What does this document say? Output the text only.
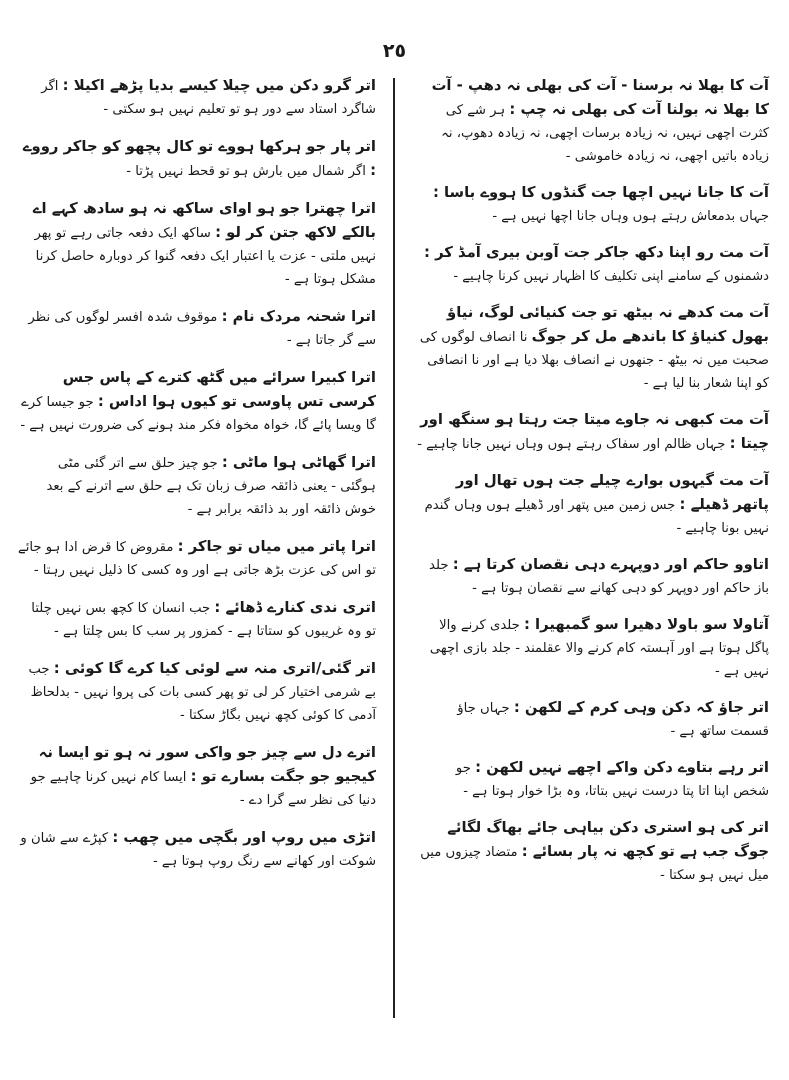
٢٥

آت کا بھلا نہ برسنا - آت کی بھلی نہ دھپ - آت کا بھلا نہ بولنا آت کی بھلی نہ چپ : ہر شے کی کثرت اچھی نہیں، نہ زیادہ برسات اچھی، نہ زیادہ دھوپ، نہ زیادہ باتیں اچھی، نہ زیادہ خاموشی -

آت کا جانا نہیں اچھا جت گنڈوں کا ہووے باسا : جہاں بدمعاش رہتے ہوں وہاں جانا اچھا نہیں ہے -

آت مت رو اپنا دکھ جاکر جت آوبن بیری آمڈ کر : دشمنوں کے سامنے اپنی تکلیف کا اظہار نہیں کرنا چاہیے -

آت مت کدھے نہ بیٹھ تو جت کنیائی لوگ، نیاؤ بھول کنیاؤ کا باندھے مل کر جوگ نا انصاف لوگوں کی صحبت میں نہ بیٹھ - جنھوں نے انصاف بھلا دیا ہے اور نا انصافی کو اپنا شعار بنا لیا ہے -

آت مت کبھی نہ جاوے میتا جت رہتا ہو سنگھ اور چیتا : جہاں ظالم اور سفاک رہتے ہوں وہاں نہیں جانا چاہیے -

آت مت گیہوں بوارے چیلے جت ہوں تھال اور پاتھر ڈھیلے : جس زمین میں پتھر اور ڈھیلے ہوں وہاں گندم نہیں بونا چاہیے -

اتاوو حاکم اور دوپہرے دہی نقصان کرتا ہے : جلد باز حاکم اور دوپہر کو دہی کھانے سے نقصان ہوتا ہے -

آتاولا سو باولا دھیرا سو گمبھیرا : جلدی کرنے والا پاگل ہوتا ہے اور آہستہ کام کرنے والا عقلمند - جلد بازی اچھی نہیں ہے -

اتر جاؤ کہ دکن وہی کرم کے لکھن : جہاں جاؤ قسمت ساتھ ہے -

اتر رہے بتاوے دکن واکے اچھے نہیں لکھن : جو شخص اپنا اتا پتا درست نہیں بتاتا، وہ بڑا خوار ہوتا ہے -

اتر کی ہو استری دکن بیاہی جائے بھاگ لگائے جوگ جب ہے تو کچھ نہ پار بسائے : متضاد چیزوں میں میل نہیں ہو سکتا -

اتر گرو دکن میں چیلا کیسے بدیا پڑھے اکیلا : اگر شاگرد استاد سے دور ہو تو تعلیم نہیں ہو سکتی -

اتر پار جو ہرکھا ہووے تو کال پچھو کو جاکر رووے : اگر شمال میں بارش ہو تو قحط نہیں پڑتا -

اترا چھترا جو ہو اوای ساکھ نہ ہو سادھ کہے اے بالکے لاکھ جتن کر لو : ساکھ ایک دفعہ جاتی رہے تو پھر نہیں ملتی - عزت یا اعتبار ایک دفعہ گنوا کر دوبارہ حاصل کرنا مشکل ہوتا ہے -

اترا شحنہ مردک نام : موقوف شدہ افسر لوگوں کی نظر سے گر جاتا ہے -

اترا کبیرا سرائے میں گٹھ کترے کے پاس جس کرسی تس پاوسی تو کیوں ہوا اداس : جو جیسا کرے گا ویسا پائے گا، خواہ مخواہ فکر مند ہونے کی ضرورت نہیں ہے -

اترا گھاٹی ہوا ماٹی : جو چیز حلق سے اتر گئی مٹی ہوگئی - یعنی ذائقہ صرف زبان تک ہے حلق سے اترنے کے بعد خوش ذائقہ اور بد ذائقہ برابر ہے -

اترا پاتر میں میاں تو جاکر : مقروض کا قرض ادا ہو جائے تو اس کی عزت بڑھ جاتی ہے اور وہ کسی کا ذلیل نہیں رہتا -

اتری ندی کنارے ڈھائے : جب انسان کا کچھ بس نہیں چلتا تو وہ غریبوں کو ستاتا ہے - کمزور پر سب کا بس چلتا ہے -

اتر گئی/اتری منہ سے لوئی کیا کرے گا کوئی : جب بے شرمی اختیار کر لی تو پھر کسی بات کی پروا نہیں - بدلحاظ آدمی کا کوئی کچھ نہیں بگاڑ سکتا -

اترے دل سے چیز جو واکی سور نہ ہو تو ایسا نہ کیجیو جو جگت بسارے تو : ایسا کام نہیں کرنا چاہیے جو دنیا کی نظر سے گرا دے -

اتڑی میں روپ اور بگچی میں چھب : کپڑے سے شان و شوکت اور کھانے سے رنگ روپ ہوتا ہے -
